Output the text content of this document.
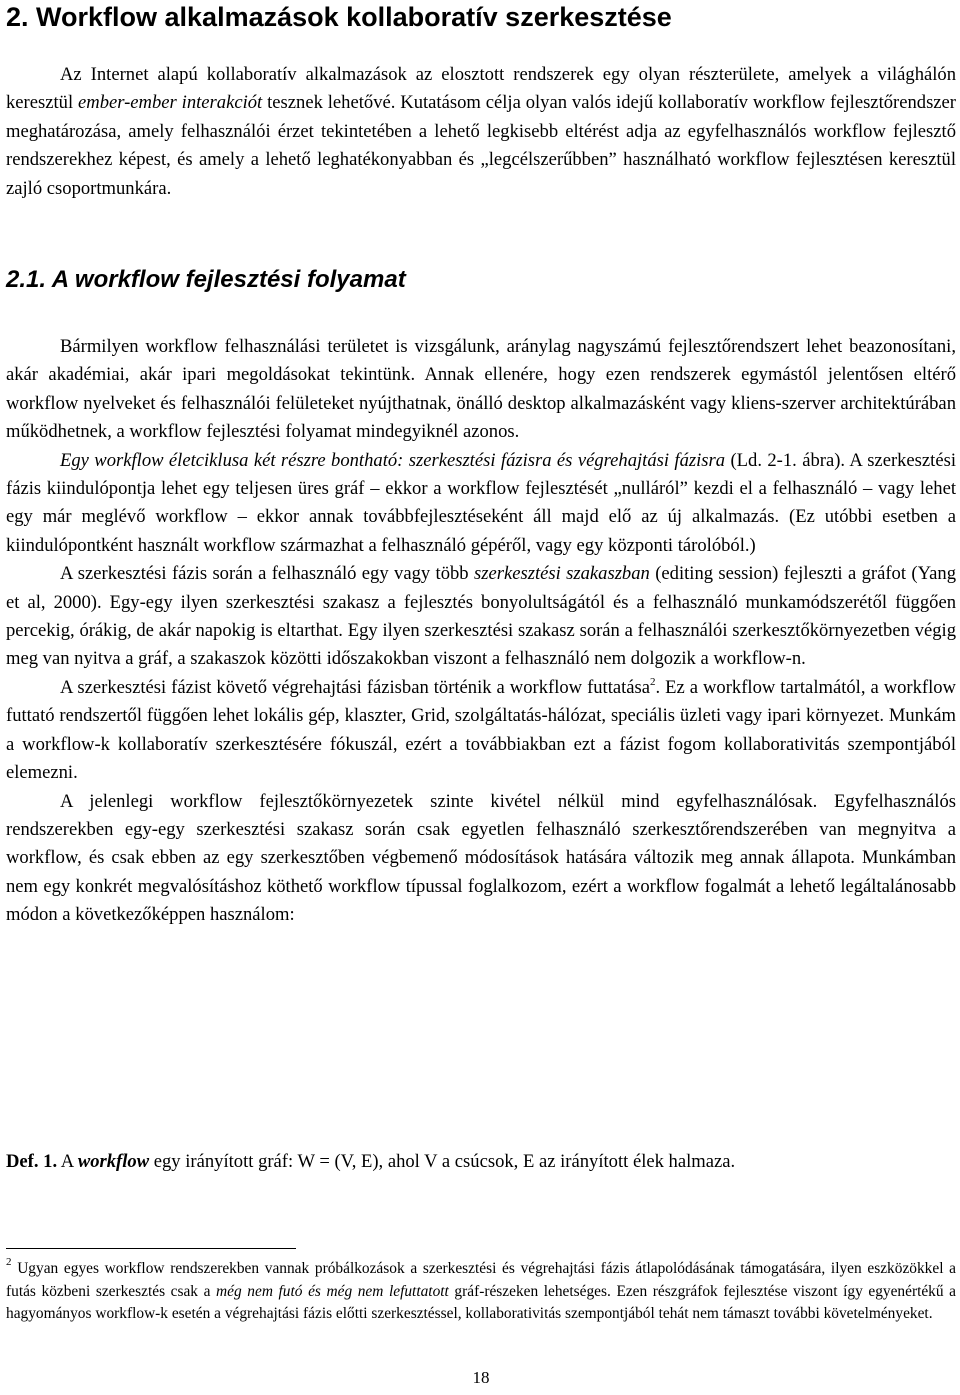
2. Workflow alkalmazások kollaboratív szerkesztése

Az Internet alapú kollaboratív alkalmazások az elosztott rendszerek egy olyan részterülete, amelyek a világhálón keresztül ember-ember interakciót tesznek lehetővé. Kutatásom célja olyan valós idejű kollaboratív workflow fejlesztőrendszer meghatározása, amely felhasználói érzet tekintetében a lehető legkisebb eltérést adja az egyfelhasználós workflow fejlesztő rendszerekhez képest, és amely a lehető leghatékonyabban és „legcélszerűbben” használható workflow fejlesztésen keresztül zajló csoportmunkára.

2.1. A workflow fejlesztési folyamat

Bármilyen workflow felhasználási területet is vizsgálunk, aránylag nagyszámú fejlesztőrendszert lehet beazonosítani, akár akadémiai, akár ipari megoldásokat tekintünk. Annak ellenére, hogy ezen rendszerek egymástól jelentősen eltérő workflow nyelveket és felhasználói felületeket nyújthatnak, önálló desktop alkalmazásként vagy kliens-szerver architektúrában működhetnek, a workflow fejlesztési folyamat mindegyiknél azonos.

Egy workflow életciklusa két részre bontható: szerkesztési fázisra és végrehajtási fázisra (Ld. 2-1. ábra). A szerkesztési fázis kiindulópontja lehet egy teljesen üres gráf – ekkor a workflow fejlesztését „nulláról” kezdi el a felhasználó – vagy lehet egy már meglévő workflow – ekkor annak továbbfejlesztéseként áll majd elő az új alkalmazás. (Ez utóbbi esetben a kiindulópontként használt workflow származhat a felhasználó gépéről, vagy egy központi tárolóból.)

A szerkesztési fázis során a felhasználó egy vagy több szerkesztési szakaszban (editing session) fejleszti a gráfot (Yang et al, 2000). Egy-egy ilyen szerkesztési szakasz a fejlesztés bonyolultságától és a felhasználó munkamódszerétől függően percekig, órákig, de akár napokig is eltarthat. Egy ilyen szerkesztési szakasz során a felhasználói szerkesztőkörnyezetben végig meg van nyitva a gráf, a szakaszok közötti időszakokban viszont a felhasználó nem dolgozik a workflow-n.

A szerkesztési fázist követő végrehajtási fázisban történik a workflow futtatása$^2$. Ez a workflow tartalmától, a workflow futtató rendszertől függően lehet lokális gép, klaszter, Grid, szolgáltatás-hálózat, speciális üzleti vagy ipari környezet. Munkám a workflow-k kollaboratív szerkesztésére fókuszál, ezért a továbbiakban ezt a fázist fogom kollaborativitás szempontjából elemezni.

A jelenlegi workflow fejlesztőkörnyezetek szinte kivétel nélkül mind egyfelhasználósak. Egyfelhasználós rendszerekben egy-egy szerkesztési szakasz során csak egyetlen felhasználó szerkesztőrendszerében van megnyitva a workflow, és csak ebben az egy szerkesztőben végbemenő módosítások hatására változik meg annak állapota. Munkámban nem egy konkrét megvalósításhoz köthető workflow típussal foglalkozom, ezért a workflow fogalmát a lehető legáltalánosabb módon a következőképpen használom:

Def. 1. A workflow egy irányított gráf: W = (V, E), ahol V a csúcsok, E az irányított élek halmaza.

$^2$ Ugyan egyes workflow rendszerekben vannak próbálkozások a szerkesztési és végrehajtási fázis átlapolódásának támogatására, ilyen eszközökkel a futás közbeni szerkesztés csak a még nem futó és még nem lefuttatott gráf-részeken lehetséges. Ezen részgráfok fejlesztése viszont így egyenértékű a hagyományos workflow-k esetén a végrehajtási fázis előtti szerkesztéssel, kollaborativitás szempontjából tehát nem támaszt további követelményeket.

18
